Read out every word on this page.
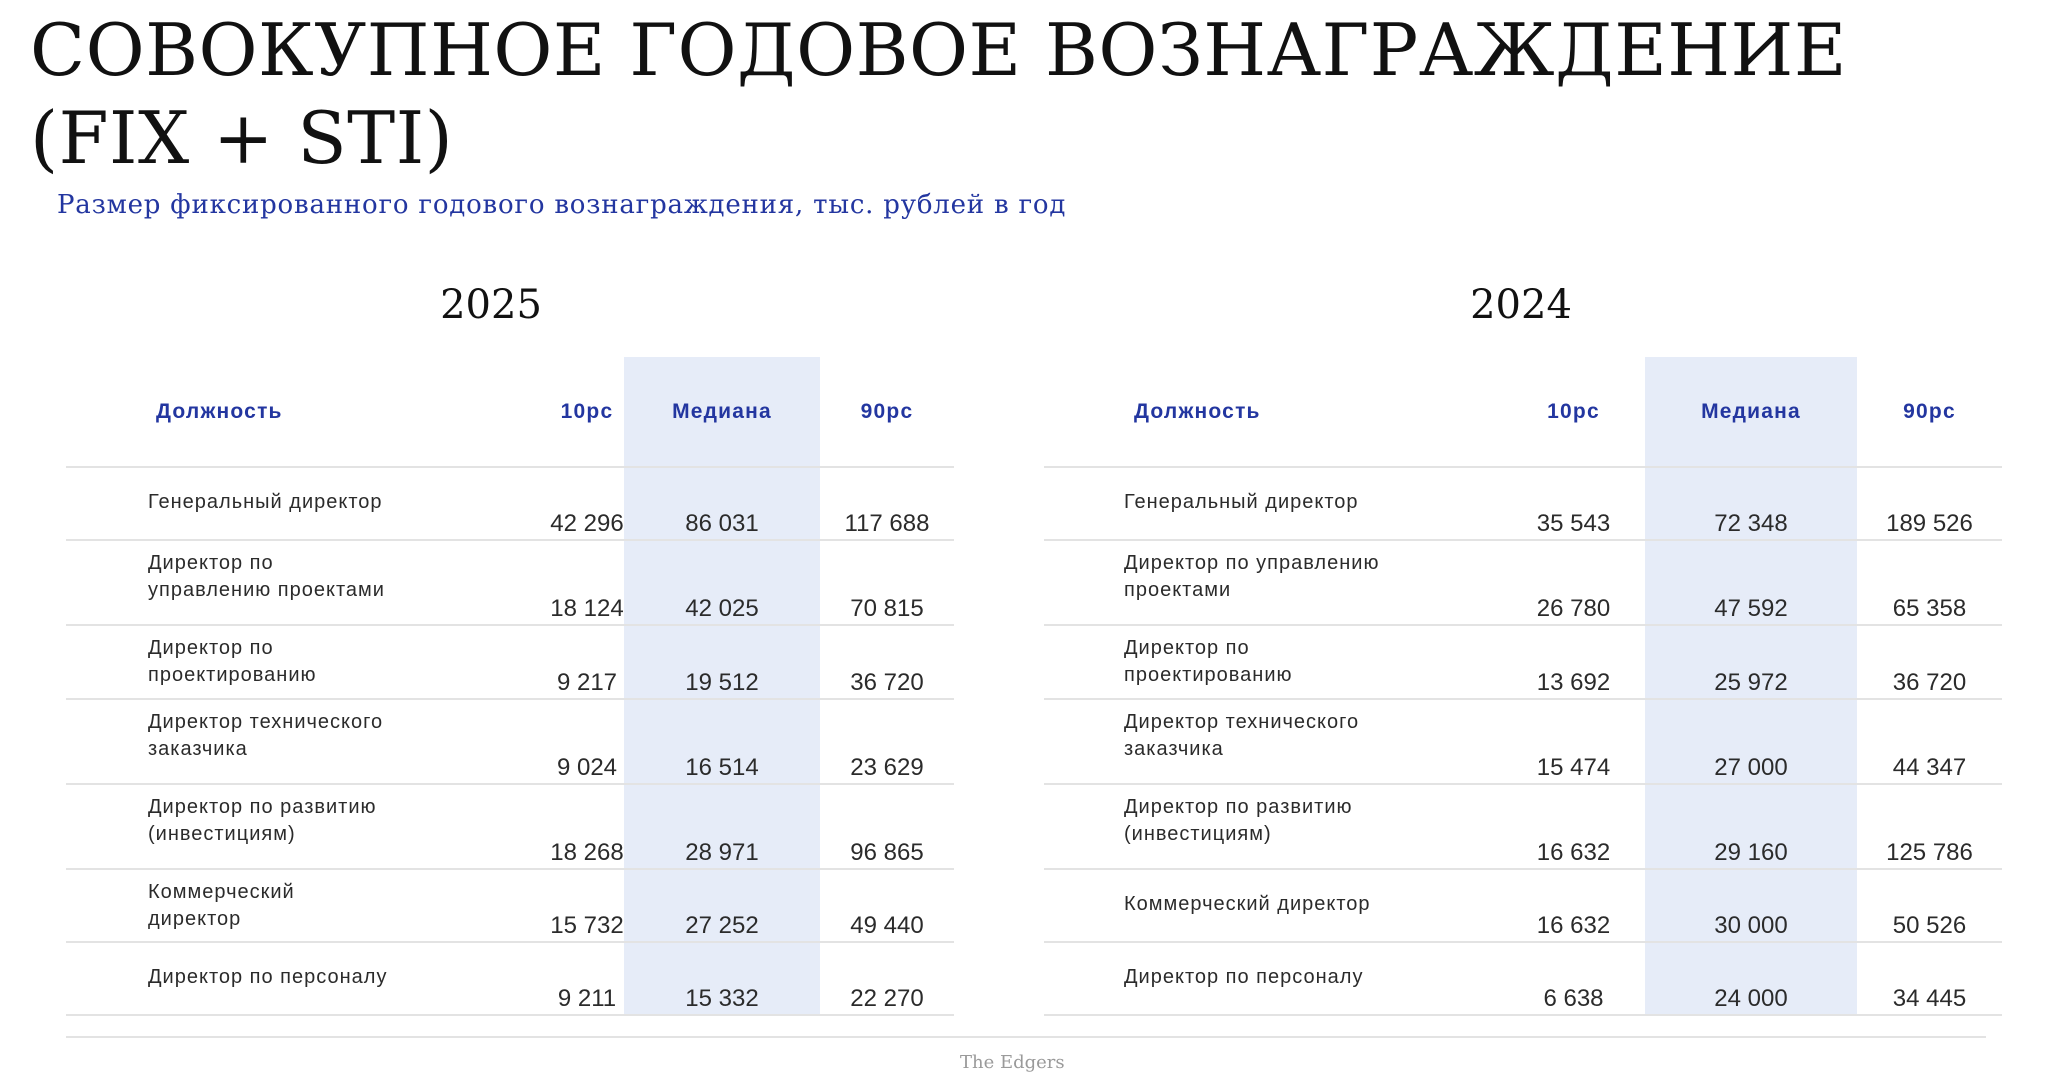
СОВОКУПНОЕ ГОДОВОЕ ВОЗНАГРАЖДЕНИЕ
(FIX + STI)
Размер фиксированного годового вознаграждения, тыс. рублей в год
2025	2024
Должность	10pc	Медиана	90pc
Генеральный директор
42 296	86 031	117 688
Директор по
управлению проектами
18 124	42 025	70 815
Директор по
проектированию	9 217	19 512	36 720
Директор технического
заказчика
9 024	16 514	23 629
Директор по развитию
(инвестициям)
18 268	28 971	96 865
Коммерческий
директор	15 732	27 252	49 440
Директор по персоналу
9 211	15 332	22 270
Должность	10pc	Медиана	90pc
Генеральный директор
35 543	72 348	189 526
Директор по управлению
проектами
26 780	47 592	65 358
Директор по
проектированию	13 692	25 972	36 720
Директор технического
заказчика
15 474	27 000	44 347
Директор по развитию
(инвестициям)
16 632	29 160	125 786
Коммерческий директор
16 632	30 000	50 526
Директор по персоналу
6 638	24 000	34 445
The Edgers
